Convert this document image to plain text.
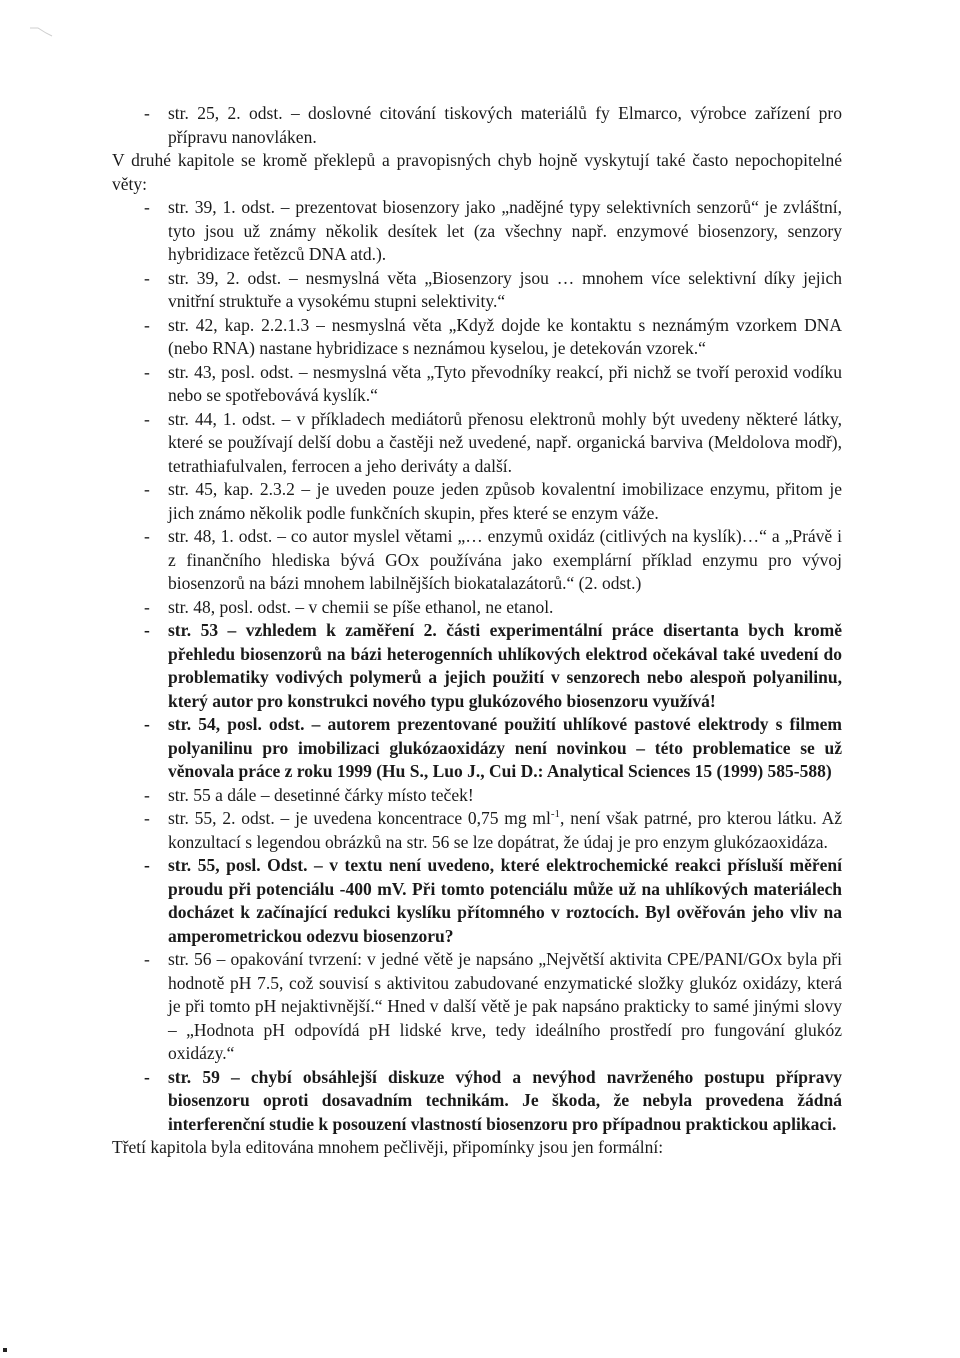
- str. 25, 2. odst. – doslovné citování tiskových materiálů fy Elmarco, výrobce zařízení pro přípravu nanovláken.
V druhé kapitole se kromě překlepů a pravopisných chyb hojně vyskytují také často nepochopitelné věty:
- str. 39, 1. odst. – prezentovat biosenzory jako „nadějné typy selektivních senzorů“ je zvláštní, tyto jsou už známy několik desítek let (za všechny např. enzymové biosenzory, senzory hybridizace řetězců DNA atd.).
- str. 39, 2. odst. – nesmyslná věta „Biosenzory jsou … mnohem více selektivní díky jejich vnitřní struktuře a vysokému stupni selektivity.“
- str. 42, kap. 2.2.1.3 – nesmyslná věta „Když dojde ke kontaktu s neznámým vzorkem DNA (nebo RNA) nastane hybridizace s neznámou kyselou, je detekován vzorek.“
- str. 43, posl. odst. – nesmyslná věta „Tyto převodníky reakcí, při nichž se tvoří peroxid vodíku nebo se spotřebovává kyslík.“
- str. 44, 1. odst. – v příkladech mediátorů přenosu elektronů mohly být uvedeny některé látky, které se používají delší dobu a častěji než uvedené, např. organická barviva (Meldolova modř), tetrathiafulvalen, ferrocen a jeho deriváty a další.
- str. 45, kap. 2.3.2 – je uveden pouze jeden způsob kovalentní imobilizace enzymu, přitom je jich známo několik podle funkčních skupin, přes které se enzym váže.
- str. 48, 1. odst. – co autor myslel větami „… enzymů oxidáz (citlivých na kyslík)…“ a „Právě i z finančního hlediska bývá GOx používána jako exemplární příklad enzymu pro vývoj biosenzorů na bázi mnohem labilnějších biokatalazátorů.“ (2. odst.)
- str. 48, posl. odst. – v chemii se píše ethanol, ne etanol.
- str. 53 – vzhledem k zaměření 2. části experimentální práce disertanta bych kromě přehledu biosenzorů na bázi heterogenních uhlíkových elektrod očekával také uvedení do problematiky vodivých polymerů a jejich použití v senzorech nebo alespoň polyanilinu, který autor pro konstrukci nového typu glukózového biosenzoru využívá!
- str. 54, posl. odst. – autorem prezentované použití uhlíkové pastové elektrody s filmem polyanilinu pro imobilizaci glukózaoxidázy není novinkou – této problematice se už věnovala práce z roku 1999 (Hu S., Luo J., Cui D.: Analytical Sciences 15 (1999) 585-588)
- str. 55 a dále – desetinné čárky místo teček!
- str. 55, 2. odst. – je uvedena koncentrace 0,75 mg $ml^{-1}$, není však patrné, pro kterou látku. Až konzultací s legendou obrázků na str. 56 se lze dopátrat, že údaj je pro enzym glukózaoxidáza.
- str. 55, posl. Odst. – v textu není uvedeno, které elektrochemické reakci přísluší měření proudu při potenciálu -400 mV. Při tomto potenciálu může už na uhlíkových materiálech docházet k začínající redukci kyslíku přítomného v roztocích. Byl ověřován jeho vliv na amperometrickou odezvu biosenzoru?
- str. 56 – opakování tvrzení: v jedné větě je napsáno „Největší aktivita CPE/PANI/GOx byla při hodnotě pH 7.5, což souvisí s aktivitou zabudované enzymatické složky glukóz oxidázy, která je při tomto pH nejaktivnější.“ Hned v další větě je pak napsáno prakticky to samé jinými slovy – „Hodnota pH odpovídá pH lidské krve, tedy ideálního prostředí pro fungování glukóz oxidázy.“
- str. 59 – chybí obsáhlejší diskuze výhod a nevýhod navrženého postupu přípravy biosenzoru oproti dosavadním technikám. Je škoda, že nebyla provedena žádná interferenční studie k posouzení vlastností biosenzoru pro případnou praktickou aplikaci.
Třetí kapitola byla editována mnohem pečlivěji, připomínky jsou jen formální:
